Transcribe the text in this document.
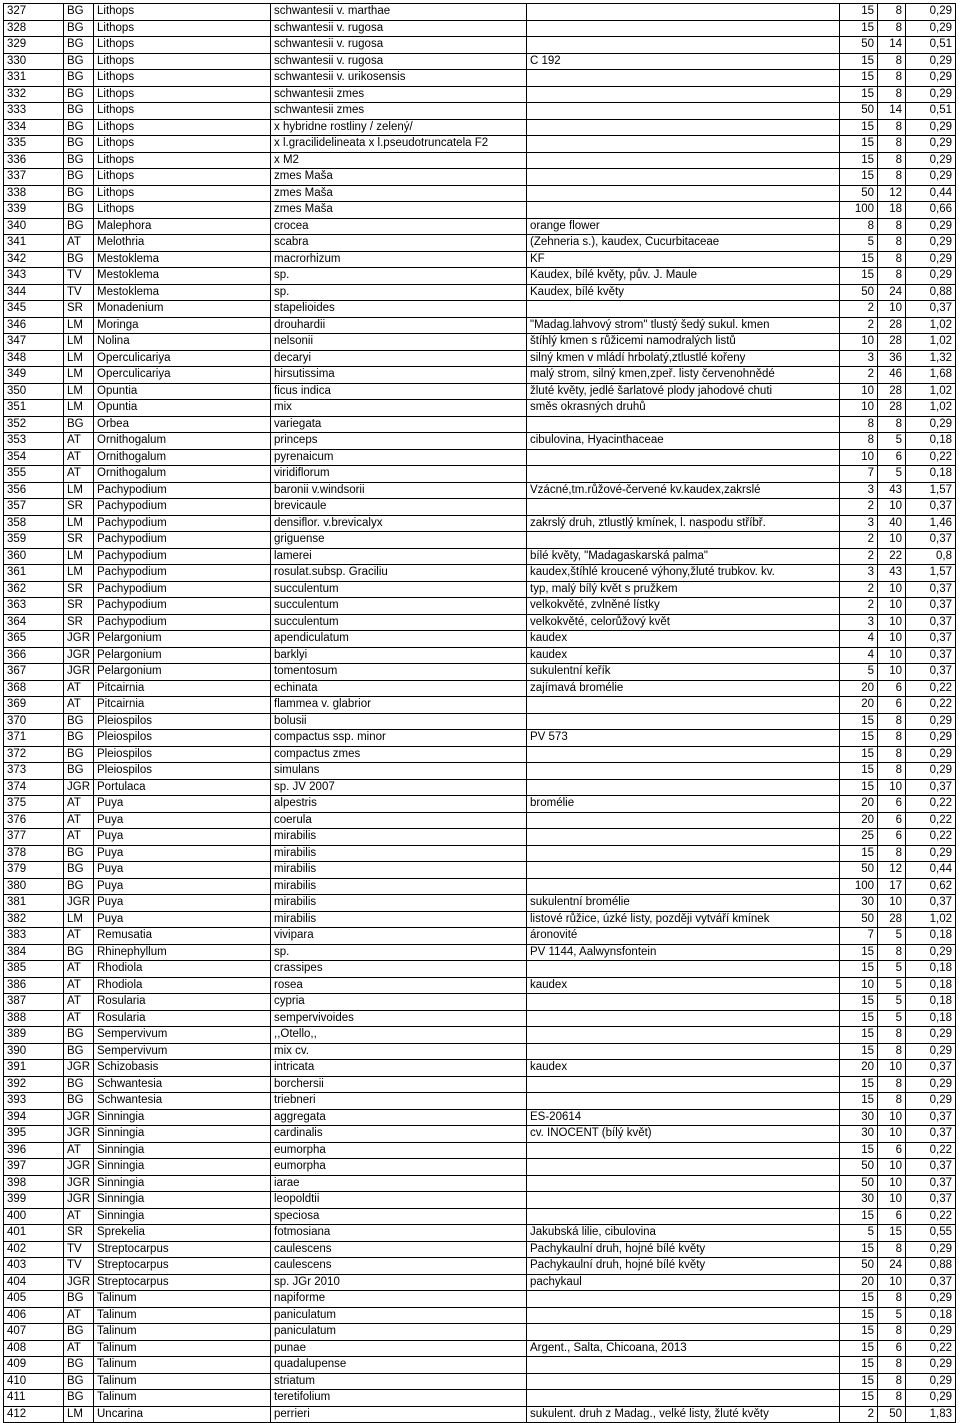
327	BG	Lithops	schwantesii v. marthae		15	8	0,29
328	BG	Lithops	schwantesii v. rugosa		15	8	0,29
329	BG	Lithops	schwantesii v. rugosa		50	14	0,51
330	BG	Lithops	schwantesii v. rugosa	C 192	15	8	0,29
331	BG	Lithops	schwantesii v. urikosensis		15	8	0,29
332	BG	Lithops	schwantesii zmes		15	8	0,29
333	BG	Lithops	schwantesii zmes		50	14	0,51
334	BG	Lithops	x hybridne rostliny / zelený/		15	8	0,29
335	BG	Lithops	x l.gracilidelineata x l.pseudotruncatela F2		15	8	0,29
336	BG	Lithops	x M2		15	8	0,29
337	BG	Lithops	zmes Maša		15	8	0,29
338	BG	Lithops	zmes Maša		50	12	0,44
339	BG	Lithops	zmes Maša		100	18	0,66
340	BG	Malephora	crocea	orange flower	8	8	0,29
341	AT	Melothria	scabra	(Zehneria s.), kaudex, Cucurbitaceae	5	8	0,29
342	BG	Mestoklema	macrorhizum	KF	15	8	0,29
343	TV	Mestoklema	sp.	Kaudex, bílé květy, pův. J. Maule	15	8	0,29
344	TV	Mestoklema	sp.	Kaudex, bílé květy	50	24	0,88
345	SR	Monadenium	stapelioides		2	10	0,37
346	LM	Moringa	drouhardii	"Madag.lahvový strom" tlustý šedý sukul. kmen	2	28	1,02
347	LM	Nolina	nelsonii	štíhlý kmen s růžicemi namodralých listů	10	28	1,02
348	LM	Operculicariya	decaryi	silný kmen v mládí hrbolatý,ztlustlé kořeny	3	36	1,32
349	LM	Operculicariya	hirsutissima	malý strom, silný kmen,zpeř. listy červenohnědé	2	46	1,68
350	LM	Opuntia	ficus indica	žluté květy, jedlé šarlatové plody jahodové chuti	10	28	1,02
351	LM	Opuntia	mix	směs okrasných druhů	10	28	1,02
352	BG	Orbea	variegata		8	8	0,29
353	AT	Ornithogalum	princeps	cibulovina, Hyacinthaceae	8	5	0,18
354	AT	Ornithogalum	pyrenaicum		10	6	0,22
355	AT	Ornithogalum	viridiflorum		7	5	0,18
356	LM	Pachypodium	baronii v.windsorii	Vzácné,tm.růžové-červené kv.kaudex,zakrslé	3	43	1,57
357	SR	Pachypodium	brevicaule		2	10	0,37
358	LM	Pachypodium	densiflor. v.brevicalyx	zakrslý druh, ztlustlý kmínek, l. naspodu stříbř.	3	40	1,46
359	SR	Pachypodium	griguense		2	10	0,37
360	LM	Pachypodium	lamerei	bílé květy, "Madagaskarská palma"	2	22	0,8
361	LM	Pachypodium	rosulat.subsp. Graciliu	kaudex,štíhlé kroucené výhony,žluté trubkov. kv.	3	43	1,57
362	SR	Pachypodium	succulentum	typ, malý bílý květ s pružkem	2	10	0,37
363	SR	Pachypodium	succulentum	velkokvěté, zvlněné lístky	2	10	0,37
364	SR	Pachypodium	succulentum	velkokvěté, celorůžový květ	3	10	0,37
365	JGR	Pelargonium	apendiculatum	kaudex	4	10	0,37
366	JGR	Pelargonium	barklyi	kaudex	4	10	0,37
367	JGR	Pelargonium	tomentosum	sukulentní keřík	5	10	0,37
368	AT	Pitcairnia	echinata	zajímavá bromélie	20	6	0,22
369	AT	Pitcairnia	flammea v. glabrior		20	6	0,22
370	BG	Pleiospilos	bolusii		15	8	0,29
371	BG	Pleiospilos	compactus ssp. minor	PV 573	15	8	0,29
372	BG	Pleiospilos	compactus zmes		15	8	0,29
373	BG	Pleiospilos	simulans		15	8	0,29
374	JGR	Portulaca	sp. JV 2007		15	10	0,37
375	AT	Puya	alpestris	bromélie	20	6	0,22
376	AT	Puya	coerula		20	6	0,22
377	AT	Puya	mirabilis		25	6	0,22
378	BG	Puya	mirabilis		15	8	0,29
379	BG	Puya	mirabilis		50	12	0,44
380	BG	Puya	mirabilis		100	17	0,62
381	JGR	Puya	mirabilis	sukulentní bromélie	30	10	0,37
382	LM	Puya	mirabilis	listové růžice, úzké listy, později vytváří kmínek	50	28	1,02
383	AT	Remusatia	vivipara	áronovité	7	5	0,18
384	BG	Rhinephyllum	sp.	PV 1144, Aalwynsfontein	15	8	0,29
385	AT	Rhodiola	crassipes		15	5	0,18
386	AT	Rhodiola	rosea	kaudex	10	5	0,18
387	AT	Rosularia	cypria		15	5	0,18
388	AT	Rosularia	sempervivoides		15	5	0,18
389	BG	Sempervivum	,,Otello,,		15	8	0,29
390	BG	Sempervivum	mix cv.		15	8	0,29
391	JGR	Schizobasis	intricata	kaudex	20	10	0,37
392	BG	Schwantesia	borchersii		15	8	0,29
393	BG	Schwantesia	triebneri		15	8	0,29
394	JGR	Sinningia	aggregata	ES-20614	30	10	0,37
395	JGR	Sinningia	cardinalis	cv. INOCENT (bílý květ)	30	10	0,37
396	AT	Sinningia	eumorpha		15	6	0,22
397	JGR	Sinningia	eumorpha		50	10	0,37
398	JGR	Sinningia	iarae		50	10	0,37
399	JGR	Sinningia	leopoldtii		30	10	0,37
400	AT	Sinningia	speciosa		15	6	0,22
401	SR	Sprekelia	fotmosiana	Jakubská lilie, cibulovina	5	15	0,55
402	TV	Streptocarpus	caulescens	Pachykaulní druh, hojné bílé květy	15	8	0,29
403	TV	Streptocarpus	caulescens	Pachykaulní druh, hojné bílé květy	50	24	0,88
404	JGR	Streptocarpus	sp. JGr 2010	pachykaul	20	10	0,37
405	BG	Talinum	napiforme		15	8	0,29
406	AT	Talinum	paniculatum		15	5	0,18
407	BG	Talinum	paniculatum		15	8	0,29
408	AT	Talinum	punae	Argent., Salta, Chicoana, 2013	15	6	0,22
409	BG	Talinum	quadalupense		15	8	0,29
410	BG	Talinum	striatum		15	8	0,29
411	BG	Talinum	teretifolium		15	8	0,29
412	LM	Uncarina	perrieri	sukulent. druh z Madag., velké listy, žluté květy	2	50	1,83
